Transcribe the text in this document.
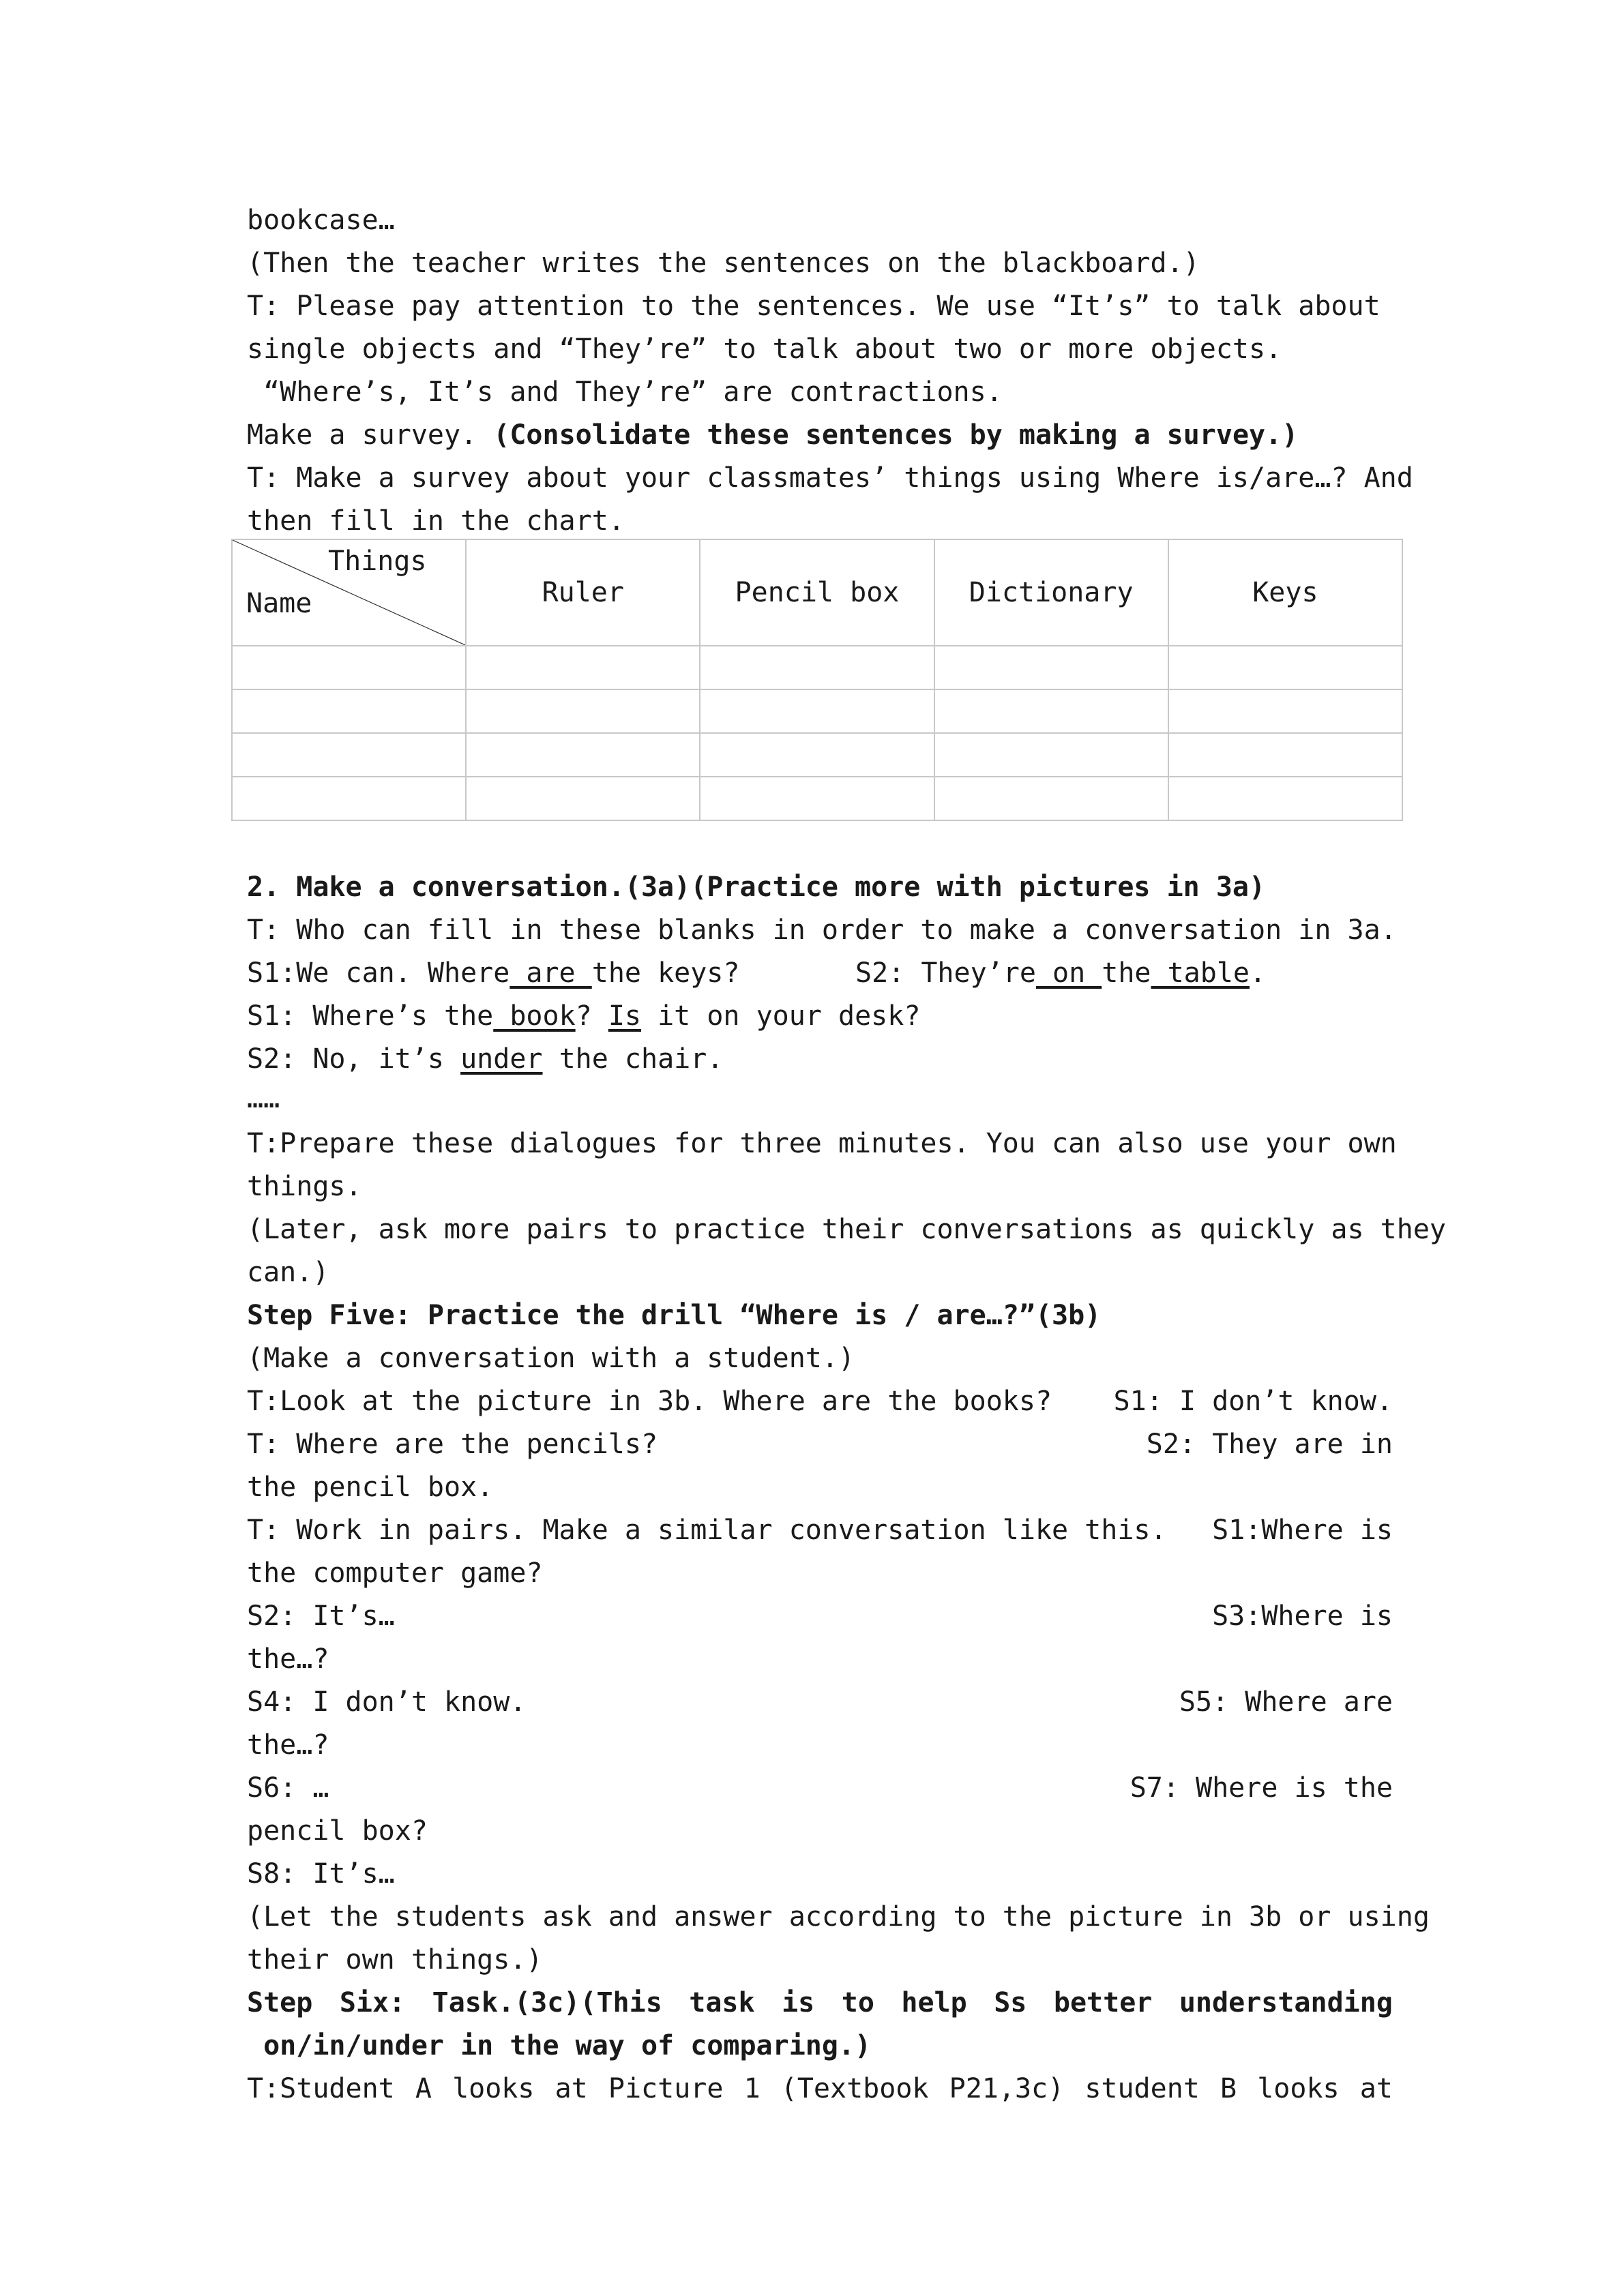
bookcase…
(Then the teacher writes the sentences on the blackboard.)
T: Please pay attention to the sentences. We use “It’s” to talk about
single objects and “They’re” to talk about two or more objects.
“Where’s, It’s and They’re” are contractions.
Make a survey. (Consolidate these sentences by making a survey.)
T: Make a survey about your classmates’ things using Where is/are…? And
then fill in the chart.
Things
Name	Ruler	Pencil box	Dictionary	Keys

2. Make a conversation.(3a)(Practice more with pictures in 3a)
T: Who can fill in these blanks in order to make a conversation in 3a.
S1:We can. Where are the keys?	S2: They’re on the table.
S1: Where’s the book? Is it on your desk?
S2: No, it’s under the chair.
……
T:Prepare these dialogues for three minutes. You can also use your own
things.
(Later, ask more pairs to practice their conversations as quickly as they
can.)
Step Five: Practice the drill “Where is / are…?”(3b)
(Make a conversation with a student.)
T:Look at the picture in 3b. Where are the books? S1: I don’t know.
T: Where are the pencils?	S2: They are in
the pencil box.
T: Work in pairs. Make a similar conversation like this. S1:Where is
the computer game?
S2: It’s…	S3:Where is
the…?
S4: I don’t know.	S5: Where are
the…?
S6: …	S7: Where is the
pencil box?
S8: It’s…
(Let the students ask and answer according to the picture in 3b or using
their own things.)
Step Six: Task.(3c)(This task is to help Ss better understanding
on/in/under in the way of comparing.)
T:Student A looks at Picture 1 (Textbook P21,3c) student B looks at
